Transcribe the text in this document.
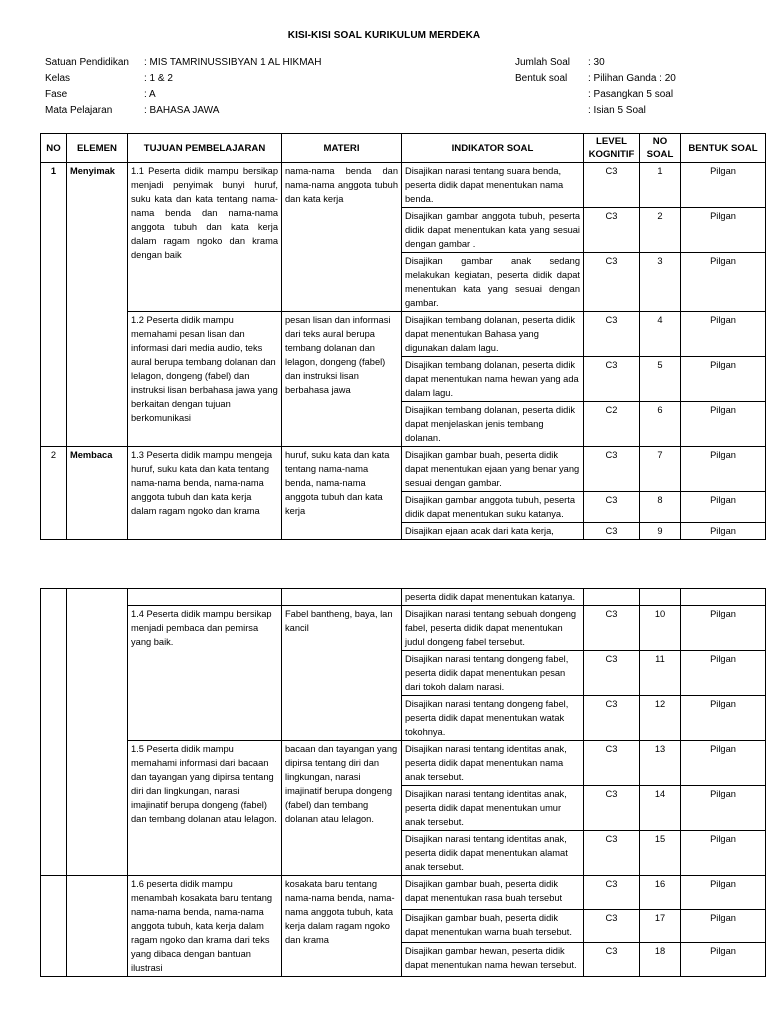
KISI-KISI SOAL KURIKULUM MERDEKA
Satuan Pendidikan	: MIS TAMRINUSSIBYAN 1 AL HIKMAH
Kelas	: 1 & 2
Fase	: A
Mata Pelajaran	: BAHASA JAWA
Jumlah Soal	: 30
Bentuk soal	: Pilihan Ganda : 20
: Pasangkan 5 soal
: Isian 5 Soal
NO	ELEMEN	TUJUAN PEMBELAJARAN	MATERI	INDIKATOR SOAL	LEVEL KOGNITIF	NO SOAL	BENTUK SOAL
1	Menyimak	1.1 Peserta didik mampu bersikap menjadi penyimak bunyi huruf, suku kata dan kata tentang nama-nama benda dan nama-nama anggota tubuh dan kata kerja dalam ragam ngoko dan krama dengan baik	nama-nama benda dan nama-nama anggota tubuh dan kata kerja	Disajikan narasi tentang suara benda, peserta didik dapat menentukan nama benda.	C3	1	Pilgan
				Disajikan gambar anggota tubuh, peserta didik dapat menentukan kata yang sesuai dengan gambar .	C3	2	Pilgan
				Disajikan gambar anak sedang melakukan kegiatan, peserta didik dapat menentukan kata yang sesuai dengan gambar.	C3	3	Pilgan
		1.2 Peserta didik mampu memahami pesan lisan dan informasi dari media audio, teks aural berupa tembang dolanan dan lelagon, dongeng (fabel) dan instruksi lisan berbahasa jawa yang berkaitan dengan tujuan berkomunikasi	pesan lisan dan informasi dari teks aural berupa tembang dolanan dan lelagon, dongeng (fabel) dan instruksi lisan berbahasa jawa	Disajikan tembang dolanan, peserta didik dapat menentukan Bahasa yang digunakan dalam lagu.	C3	4	Pilgan
				Disajikan tembang dolanan, peserta didik dapat menentukan nama hewan yang ada dalam lagu.	C3	5	Pilgan
				Disajikan tembang dolanan, peserta didik dapat menjelaskan jenis tembang dolanan.	C2	6	Pilgan
2	Membaca	1.3 Peserta didik mampu mengeja huruf, suku kata dan kata tentang nama-nama benda, nama-nama anggota tubuh dan kata kerja dalam ragam ngoko dan krama	huruf, suku kata dan kata tentang nama-nama benda, nama-nama anggota tubuh dan kata kerja	Disajikan gambar buah, peserta didik dapat menentukan ejaan yang benar yang sesuai dengan gambar.	C3	7	Pilgan
				Disajikan gambar anggota tubuh, peserta didik dapat menentukan suku katanya.	C3	8	Pilgan
				Disajikan ejaan acak dari kata kerja,	C3	9	Pilgan
				peserta didik dapat menentukan katanya.			
		1.4 Peserta didik mampu bersikap menjadi pembaca dan pemirsa yang baik.	Fabel bantheng, baya, lan kancil	Disajikan narasi tentang sebuah dongeng fabel, peserta didik dapat menentukan judul dongeng fabel tersebut.	C3	10	Pilgan
				Disajikan narasi tentang dongeng fabel, peserta didik dapat menentukan pesan dari tokoh dalam narasi.	C3	11	Pilgan
				Disajikan narasi tentang dongeng fabel, peserta didik dapat menentukan watak tokohnya.	C3	12	Pilgan
		1.5 Peserta didik mampu memahami informasi dari bacaan dan tayangan yang dipirsa tentang diri dan lingkungan, narasi imajinatif berupa dongeng (fabel) dan tembang dolanan atau lelagon.	bacaan dan tayangan yang dipirsa tentang diri dan lingkungan, narasi imajinatif berupa dongeng (fabel) dan tembang dolanan atau lelagon.	Disajikan narasi tentang identitas anak, peserta didik dapat menentukan nama anak tersebut.	C3	13	Pilgan
				Disajikan narasi tentang identitas anak, peserta didik dapat menentukan umur anak tersebut.	C3	14	Pilgan
				Disajikan narasi tentang identitas anak, peserta didik dapat menentukan alamat anak tersebut.	C3	15	Pilgan
		1.6 peserta didik mampu menambah kosakata baru tentang nama-nama benda, nama-nama anggota tubuh, kata kerja dalam ragam ngoko dan krama dari teks yang dibaca dengan bantuan ilustrasi	kosakata baru tentang nama-nama benda, nama-nama anggota tubuh, kata kerja dalam ragam ngoko dan krama	Disajikan gambar buah, peserta didik dapat menentukan rasa buah tersebut	C3	16	Pilgan
				Disajikan gambar buah, peserta didik dapat menentukan warna buah tersebut.	C3	17	Pilgan
				Disajikan gambar hewan, peserta didik dapat menentukan nama hewan tersebut.	C3	18	Pilgan
